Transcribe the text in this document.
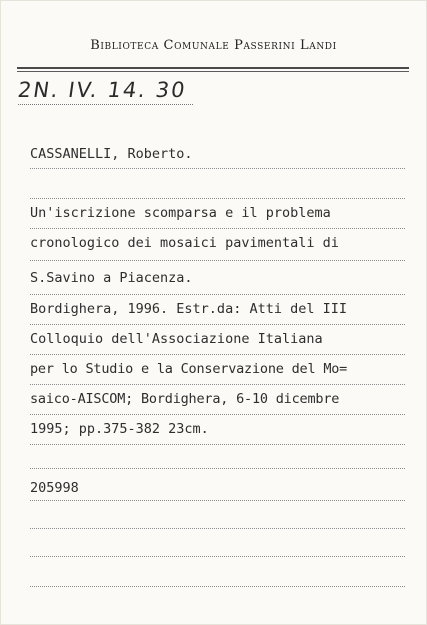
Biblioteca Comunale Passerini Landi
2N. IV. 14. 30
CASSANELLI, Roberto.
Un'iscrizione scomparsa e il problema
cronologico dei mosaici pavimentali di
S.Savino a Piacenza.
Bordighera, 1996. Estr.da: Atti del III
Colloquio dell'Associazione Italiana
per lo Studio e la Conservazione del Mo=
saico-AISCOM; Bordighera, 6-10 dicembre
1995; pp.375-382 23cm.
205998
